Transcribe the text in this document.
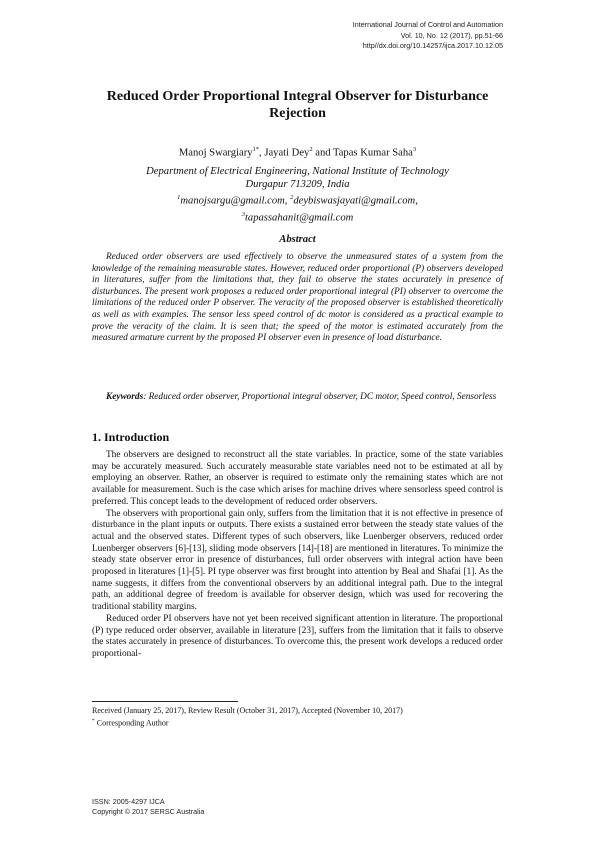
International Journal of Control and Automation
Vol. 10, No. 12 (2017), pp.51-66
http//dx.doi.org/10.14257/ijca.2017.10.12.05
Reduced Order Proportional Integral Observer for Disturbance Rejection
Manoj Swargiary$^{1*}$, Jayati Dey$^2$ and Tapas Kumar Saha$^3$
Department of Electrical Engineering, National Institute of Technology
Durgapur 713209, India
$^1$manojsargu@gmail.com, $^2$deybiswasjayati@gmail.com,
$^3$tapassahanit@gmail.com
Abstract
Reduced order observers are used effectively to observe the unmeasured states of a system from the knowledge of the remaining measurable states. However, reduced order proportional (P) observers developed in literatures, suffer from the limitations that, they fail to observe the states accurately in presence of disturbances. The present work proposes a reduced order proportional integral (PI) observer to overcome the limitations of the reduced order P observer. The veracity of the proposed observer is established theoretically as well as with examples. The sensor less speed control of dc motor is considered as a practical example to prove the veracity of the claim. It is seen that; the speed of the motor is estimated accurately from the measured armature current by the proposed PI observer even in presence of load disturbance.
Keywords: Reduced order observer, Proportional integral observer, DC motor, Speed control, Sensorless
1. Introduction

The observers are designed to reconstruct all the state variables. In practice, some of the state variables may be accurately measured. Such accurately measurable state variables need not to be estimated at all by employing an observer. Rather, an observer is required to estimate only the remaining states which are not available for measurement. Such is the case which arises for machine drives where sensorless speed control is preferred. This concept leads to the development of reduced order observers.

The observers with proportional gain only, suffers from the limitation that it is not effective in presence of disturbance in the plant inputs or outputs. There exists a sustained error between the steady state values of the actual and the observed states. Different types of such observers, like Luenberger observers, reduced order Luenberger observers [6]-[13], sliding mode observers [14]-[18] are mentioned in literatures. To minimize the steady state observer error in presence of disturbances, full order observers with integral action have been proposed in literatures [1]-[5]. PI type observer was first brought into attention by Beal and Shafai [1]. As the name suggests, it differs from the conventional observers by an additional integral path. Due to the integral path, an additional degree of freedom is available for observer design, which was used for recovering the traditional stability margins.

Reduced order PI observers have not yet been received significant attention in literature. The proportional (P) type reduced order observer, available in literature [23], suffers from the limitation that it fails to observe the states accurately in presence of disturbances. To overcome this, the present work develops a reduced order proportional-

Received (January 25, 2017), Review Result (October 31, 2017), Accepted (November 10, 2017)
* Corresponding Author
ISSN: 2005-4297 IJCA
Copyright © 2017 SERSC Australia
